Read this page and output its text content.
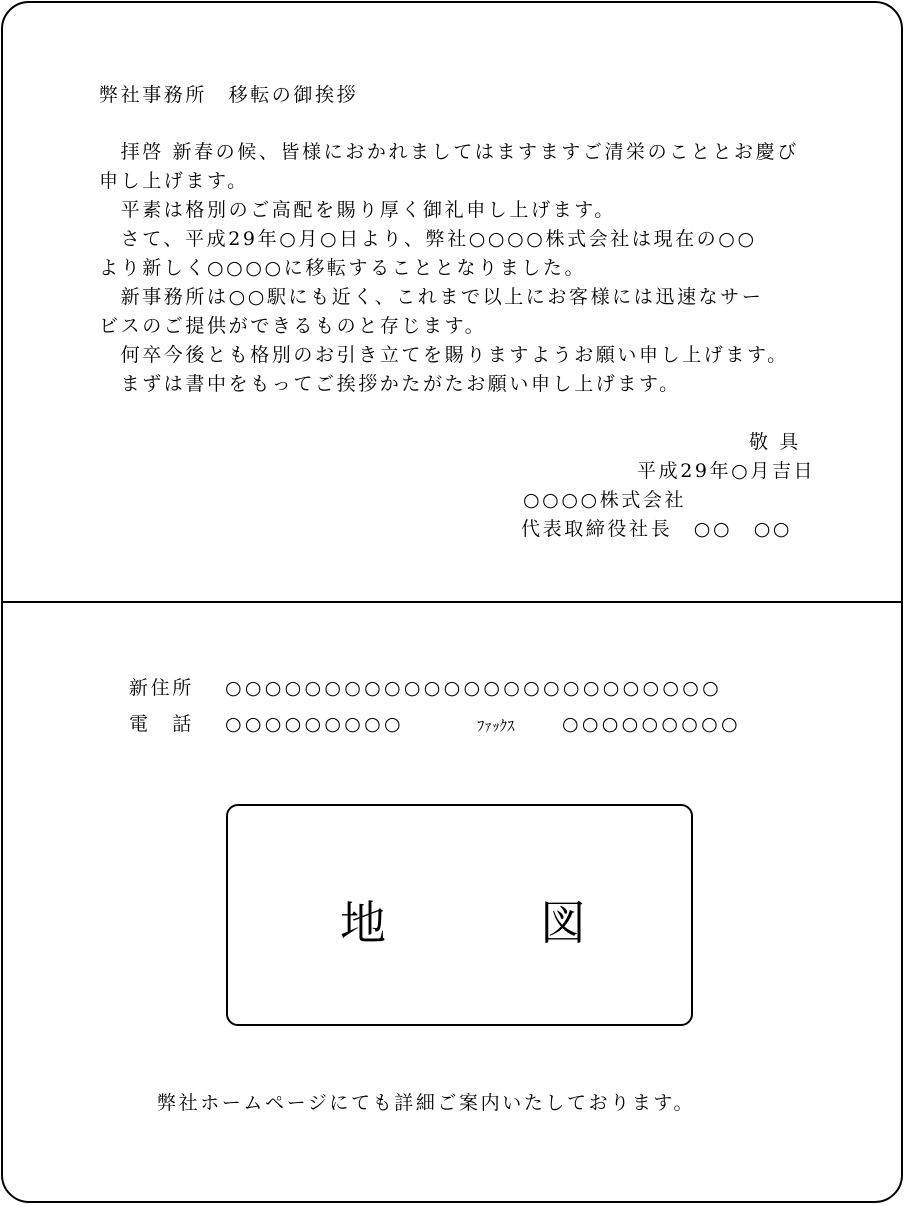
弊社事務所　移転の御挨拶
　拝啓 新春の候、皆様におかれましてはますますご清栄のこととお慶び
申し上げます。
　平素は格別のご高配を賜り厚く御礼申し上げます。
　さて、平成29年○月○日より、弊社○○○○株式会社は現在の○○
より新しく○○○○に移転することとなりました。
　新事務所は○○駅にも近く、これまで以上にお客様には迅速なサー
ビスのご提供ができるものと存じます。
　何卒今後とも格別のお引き立てを賜りますようお願い申し上げます。
　まずは書中をもってご挨拶かたがたお願い申し上げます。
敬 具
平成29年○月吉日
○○○○株式会社
代表取締役社長　○○　○○
新住所 ○○○○○○○○○○○○○○○○○○○○○○○○○
電　話 ○○○○○○○○○	ﾌｧｯｸｽ ○○○○○○○○○
地	図
弊社ホームページにても詳細ご案内いたしております。
